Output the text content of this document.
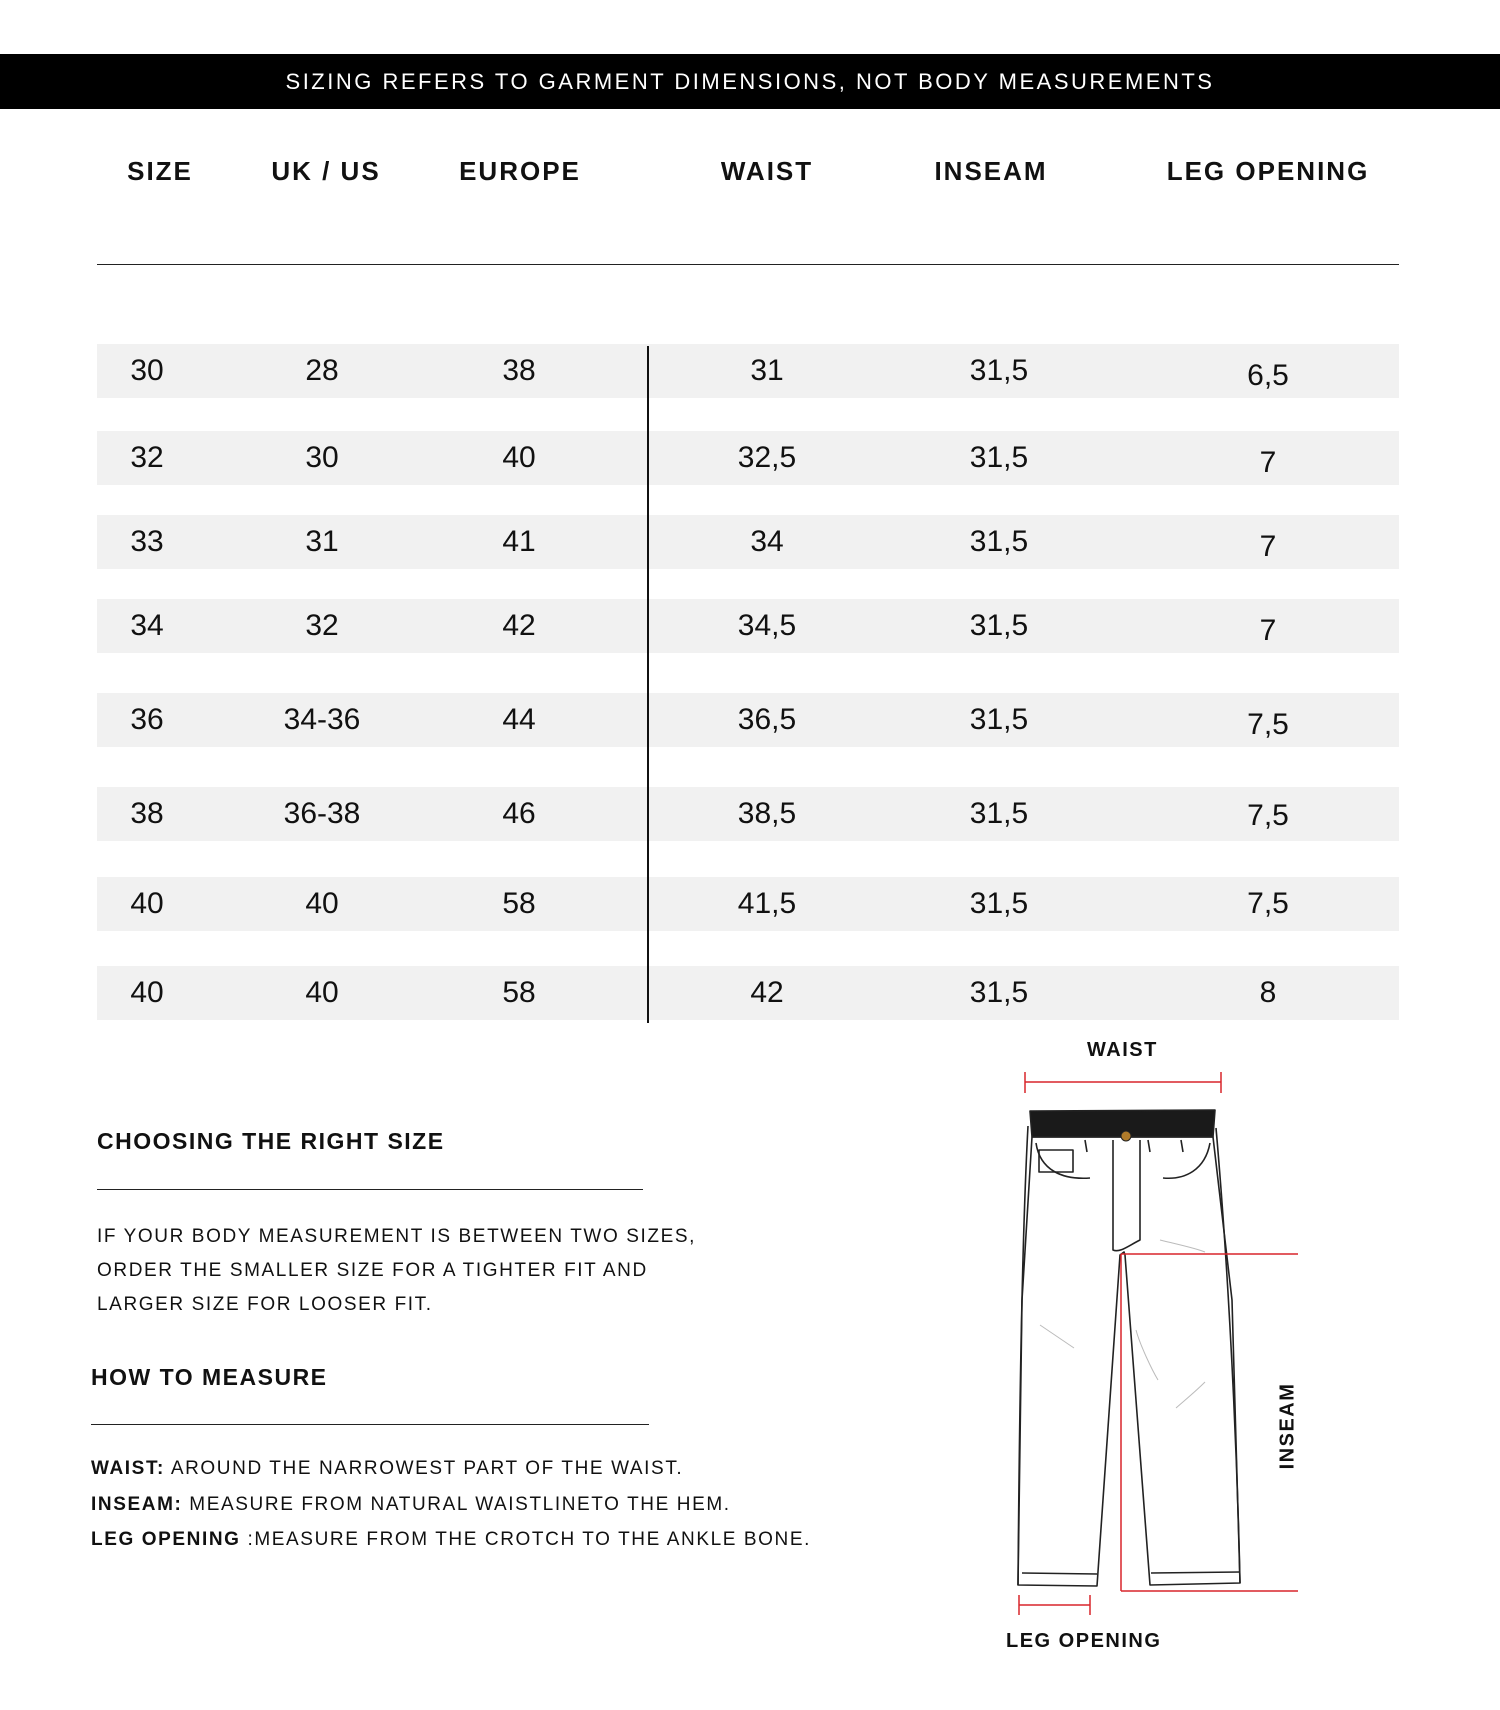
SIZING REFERS TO GARMENT DIMENSIONS, NOT BODY MEASUREMENTS
SIZE	UK / US	EUROPE	WAIST	INSEAM	LEG OPENING
30	28	38	31	31,5	6,5
32	30	40	32,5	31,5	7
33	31	41	34	31,5	7
34	32	42	34,5	31,5	7
36	34-36	44	36,5	31,5	7,5
38	36-38	46	38,5	31,5	7,5
40	40	58	41,5	31,5	7,5
40	40	58	42	31,5	8
CHOOSING THE RIGHT SIZE
IF YOUR BODY MEASUREMENT IS BETWEEN TWO SIZES,
ORDER THE SMALLER SIZE FOR A TIGHTER FIT AND
LARGER SIZE FOR LOOSER FIT.
HOW TO MEASURE
WAIST: AROUND THE NARROWEST PART OF THE WAIST.
INSEAM: MEASURE FROM NATURAL WAISTLINETO THE HEM.
LEG OPENING :MEASURE FROM THE CROTCH TO THE ANKLE BONE.
WAIST
INSEAM
LEG OPENING
